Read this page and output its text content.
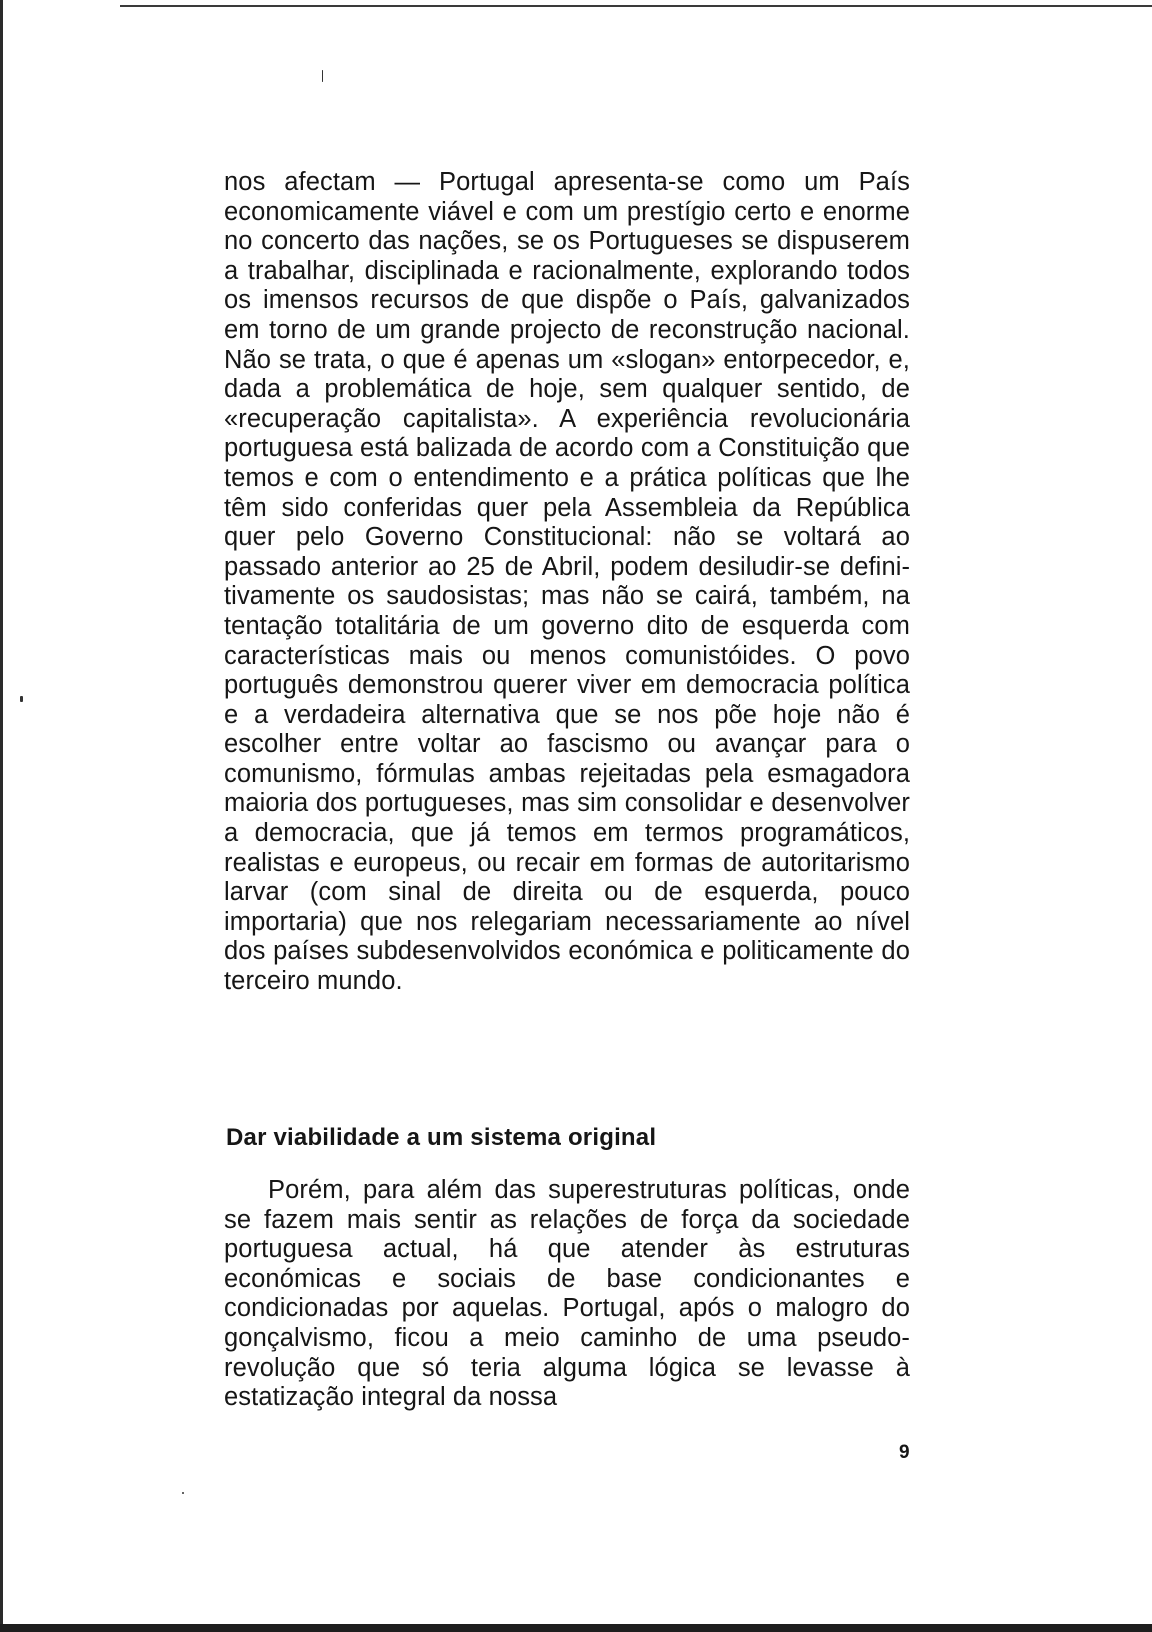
nos afectam — Portugal apresenta-se como um País economicamente viável e com um prestígio certo e enorme no concerto das nações, se os Portugueses se dispuserem a trabalhar, disciplinada e racionalmente, explorando todos os imensos recursos de que dispõe o País, galvanizados em torno de um grande projecto de reconstrução nacional. Não se trata, o que é apenas um «slogan» entorpecedor, e, dada a problemática de hoje, sem qualquer sentido, de «recuperação capitalista». A experiência revolucionária portuguesa está balizada de acordo com a Constituição que temos e com o entendimento e a prática políticas que lhe têm sido conferidas quer pela Assembleia da República quer pelo Governo Constitucional: não se voltará ao passado anterior ao 25 de Abril, podem desiludir-se definitivamente os saudosistas; mas não se cairá, também, na tentação totalitária de um governo dito de esquerda com características mais ou menos comunistóides. O povo português demonstrou querer viver em democracia política e a verdadeira alternativa que se nos põe hoje não é escolher entre voltar ao fascismo ou avançar para o comunismo, fórmulas ambas rejeitadas pela esmagadora maioria dos portugueses, mas sim consolidar e desenvolver a democracia, que já temos em termos programáticos, realistas e europeus, ou recair em formas de autoritarismo larvar (com sinal de direita ou de esquerda, pouco importaria) que nos relegariam necessariamente ao nível dos países subdesenvolvidos económica e politicamente do terceiro mundo.
Dar viabilidade a um sistema original
Porém, para além das superestruturas políticas, onde se fazem mais sentir as relações de força da sociedade portuguesa actual, há que atender às estruturas económicas e sociais de base condicionantes e condicionadas por aquelas. Portugal, após o malogro do gonçalvismo, ficou a meio caminho de uma pseudo-revolução que só teria alguma lógica se levasse à estatização integral da nossa
9
